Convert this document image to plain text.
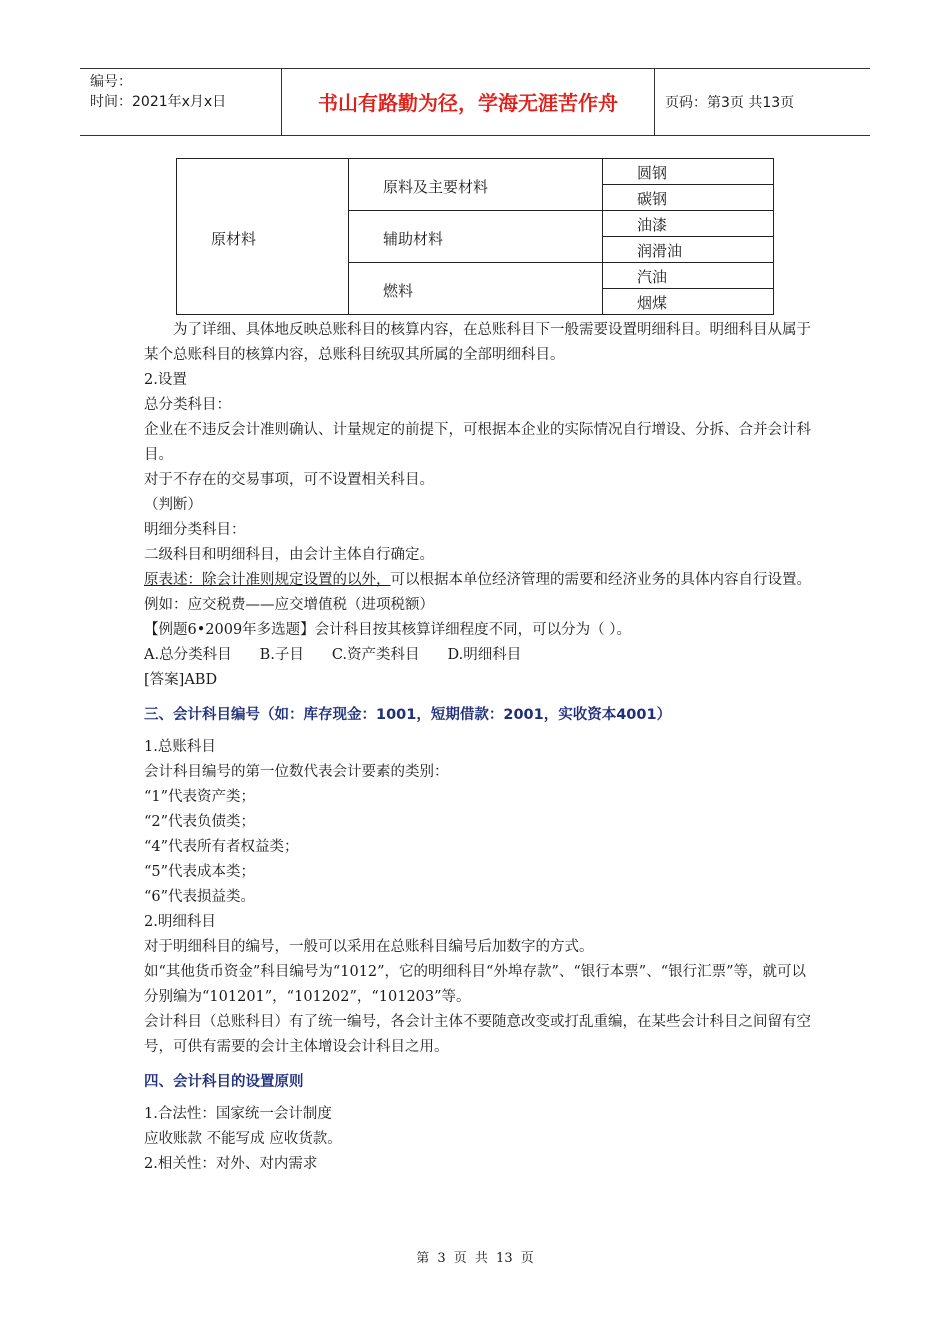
编号：
时间：2021年x月x日	书山有路勤为径，学海无涯苦作舟	页码：第3页 共13页
原材料
原料及主要材料
辅助材料
燃料
圆钢
碳钢
油漆
润滑油
汽油
烟煤

为了详细、具体地反映总账科目的核算内容，在总账科目下一般需要设置明细科目。明细科目从属于某个总账科目的核算内容，总账科目统驭其所属的全部明细科目。

2.设置

总分类科目：

企业在不违反会计准则确认、计量规定的前提下，可根据本企业的实际情况自行增设、分拆、合并会计科目。

对于不存在的交易事项，可不设置相关科目。

（判断）

明细分类科目：

二级科目和明细科目，由会计主体自行确定。

原表述：除会计准则规定设置的以外，可以根据本单位经济管理的需要和经济业务的具体内容自行设置。

例如：应交税费——应交增值税（进项税额）

【例题6•2009年多选题】会计科目按其核算详细程度不同，可以分为（ ）。

A.总分类科目 B.子目 C.资产类科目 D.明细科目

[答案]ABD

三、会计科目编号（如：库存现金：1001，短期借款：2001，实收资本4001）

1.总账科目

会计科目编号的第一位数代表会计要素的类别：

“1”代表资产类；

“2”代表负债类；

“4”代表所有者权益类；

“5”代表成本类；

“6”代表损益类。

2.明细科目

对于明细科目的编号，一般可以采用在总账科目编号后加数字的方式。

如“其他货币资金”科目编号为“1012”，它的明细科目“外埠存款”、“银行本票”、“银行汇票”等，就可以分别编为“101201”，“101202”，“101203”等。

会计科目（总账科目）有了统一编号，各会计主体不要随意改变或打乱重编，在某些会计科目之间留有空号，可供有需要的会计主体增设会计科目之用。

四、会计科目的设置原则

1.合法性：国家统一会计制度

应收账款 不能写成 应收货款。

2.相关性：对外、对内需求

第 3 页 共 13 页
